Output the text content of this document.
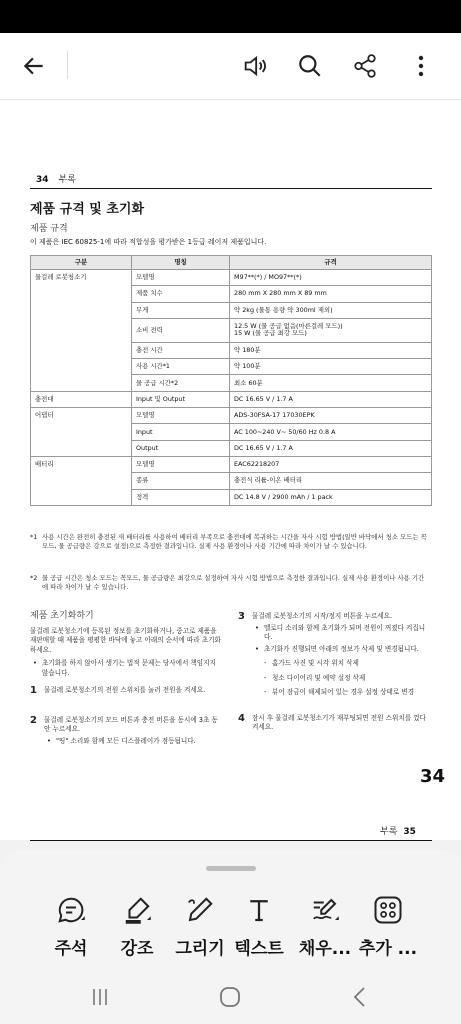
34 부록
제품 규격 및 초기화
제품 규격
이 제품은 IEC 60825-1에 따라 적합성을 평가받은 1등급 레이저 제품입니다.
구분	명칭	규격
물걸레 로봇청소기	모델명	M97**(*) / MO97**(*)
	제품 치수	280 mm X 280 mm X 89 mm
	무게	약 2kg (물통 용량 약 300ml 제외)
	소비 전력	12.5 W (물 공급 없음(마른걸레 모드))
15 W (물 공급 최강 모드)

	충전 시간	약 180분
	사용 시간*1	약 100분
	물 공급 시간*2	최소 60분
충전대	Input 및 Output	DC 16.65 V / 1.7 A
어댑터	모델명	ADS-30FSA-17 17030EPK
	Input	AC 100~240 V~ 50/60 Hz 0.8 A
	Output	DC 16.65 V / 1.7 A
배터리	모델명	EAC62218207
	종류	충전식 리튬-이온 배터리
	정격	DC 14.8 V / 2900 mAh / 1 pack
*1 사용 시간은 완전히 충전된 새 배터리를 사용하여 배터리 부족으로 충전대에 복귀하는 시간을 자사 시험 방법(일반 바닥에서 청소 모드는 꼭모드, 물 공급량은 강으로 설정)으로 측정한 결과입니다. 실제 사용 환경이나 사용 기간에 따라 차이가 날 수 있습니다.
*2 물 공급 시간은 청소 모드는 꼭모드, 물 공급량은 최강으로 설정하여 자사 시험 방법으로 측정한 결과입니다. 실제 사용 환경이나 사용 기간에 따라 차이가 날 수 있습니다.
제품 초기화하기
물걸레 로봇청소기에 등록된 정보를 초기화하거나, 중고로 제품을 재판매할 때 제품을 평평한 바닥에 놓고 아래의 순서에 따라 초기화하세요.
• 초기화를 하지 않아서 생기는 법적 문제는 당사에서 책임지지 않습니다.
1	물걸레 로봇청소기의 전원 스위치를 눌러 전원을 켜세요.
2	물걸레 로봇청소기의 모드 버튼과 충전 버튼을 동시에 3초 동안 누르세요.
• "띵" 소리와 함께 모든 디스플레이가 점등됩니다.
3	물걸레 로봇청소기의 시작/정지 버튼을 누르세요.
• 멜로디 소리와 함께 초기화가 되며 전원이 꺼졌다 켜집니다.
• 초기화가 진행되면 아래의 정보가 삭제 및 변경됩니다.
- 홈가드 사진 및 시각 위치 삭제
- 청소 다이어리 및 예약 설정 삭제
- 뷰어 잠금이 해제되어 있는 경우 설정 상태로 변경
4	잠시 후 물걸레 로봇청소기가 재부팅되면 전원 스위치를 껐다 켜세요.
34
부록 35
주석	강조	그리기 텍스트 채우... 추가 ...
